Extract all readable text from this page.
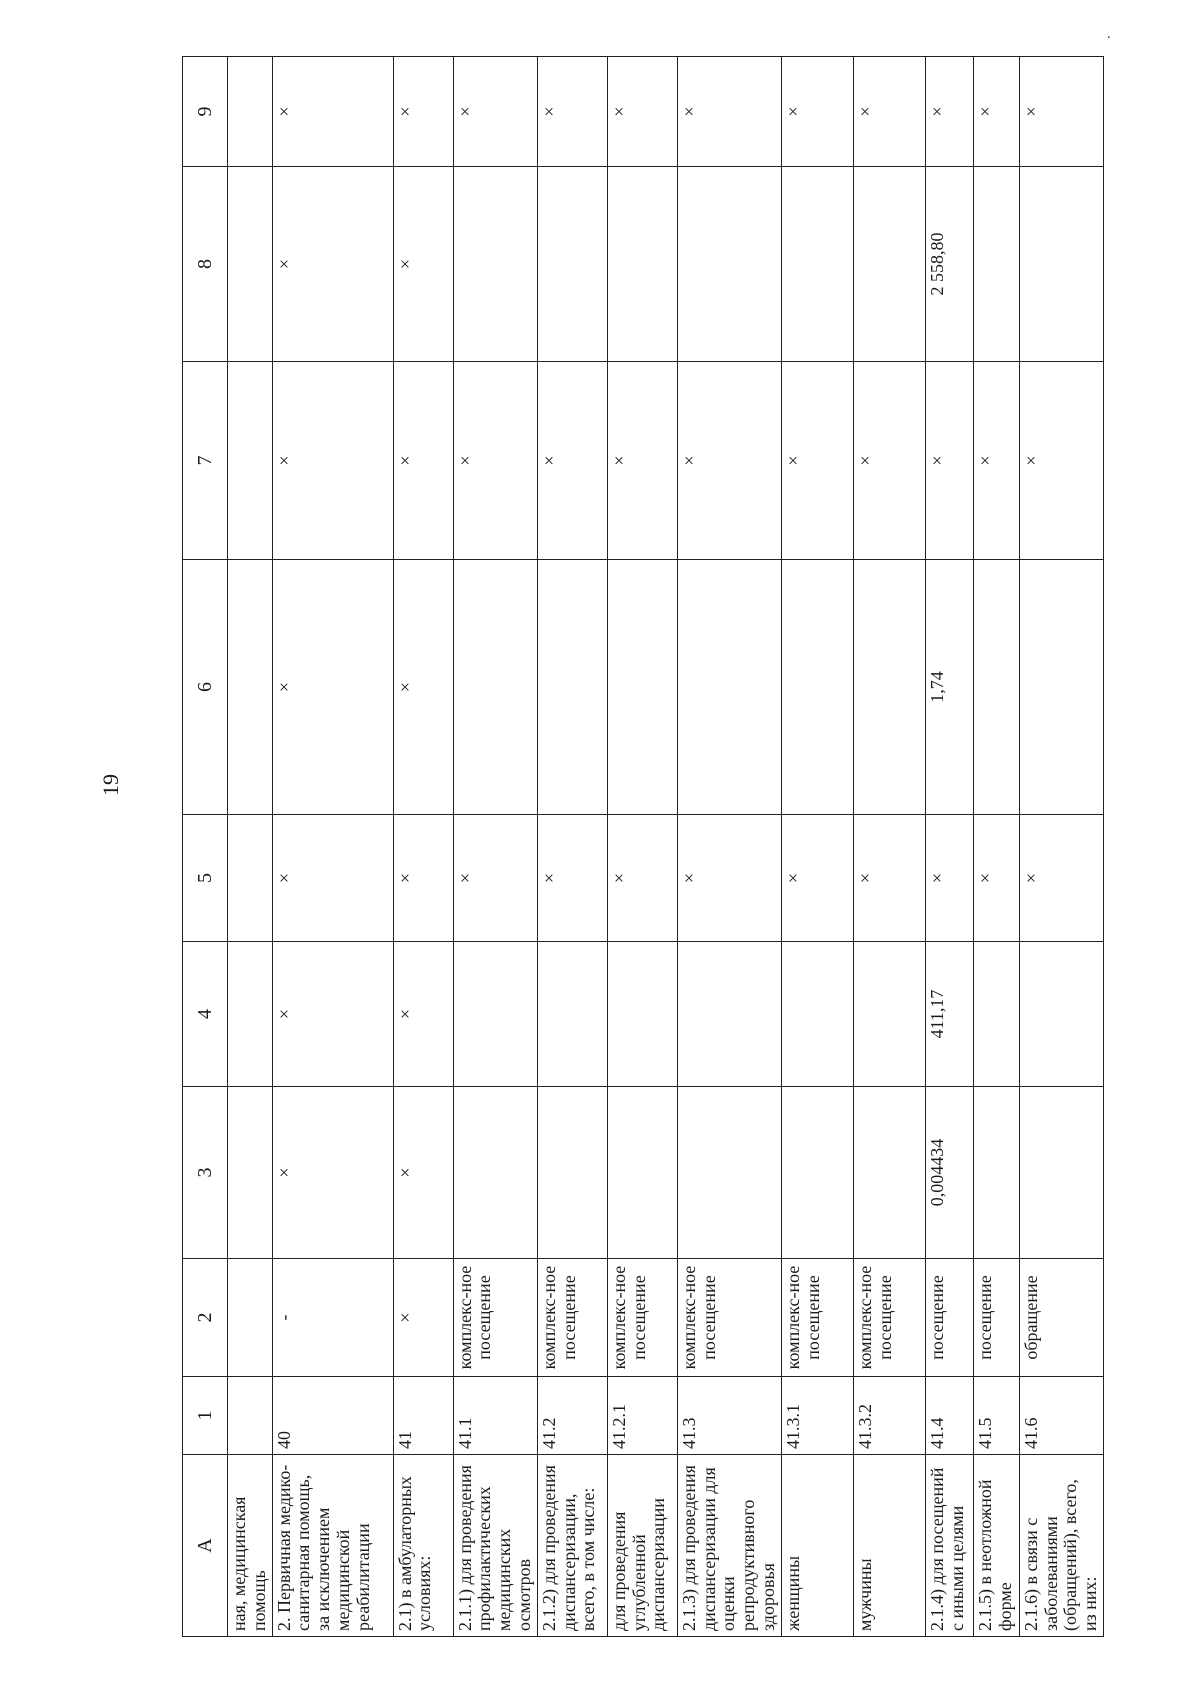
19
.
А	1	2	3	4	5	6	7	8	9
ная, медицинская помощь									
2. Первичная медико-санитарная помощь, за исключением медицинской реабилитации	40	-	×	×	×	×	×	×	×
2.1) в амбулаторных условиях:	41	×	×	×	×	×	×	×	×
2.1.1) для проведения профилактических медицинских осмотров	41.1	комплекс-ное посещение			×		×		×
2.1.2) для проведения диспансеризации, всего, в том числе:	41.2	комплекс-ное посещение			×		×		×
для проведения углубленной диспансеризации	41.2.1	комплекс-ное посещение			×		×		×
2.1.3) для проведения диспансеризации для оценки репродуктивного здоровья	41.3	комплекс-ное посещение			×		×		×
женщины	41.3.1	комплекс-ное посещение			×		×		×
мужчины	41.3.2	комплекс-ное посещение			×		×		×
2.1.4) для посещений с иными целями	41.4	посещение	0,004434	411,17	×	1,74	×	2 558,80	×
2.1.5) в неотложной форме	41.5	посещение			×		×		×
2.1.6) в связи с заболеваниями (обращений), всего, из них:	41.6	обращение			×		×		×
